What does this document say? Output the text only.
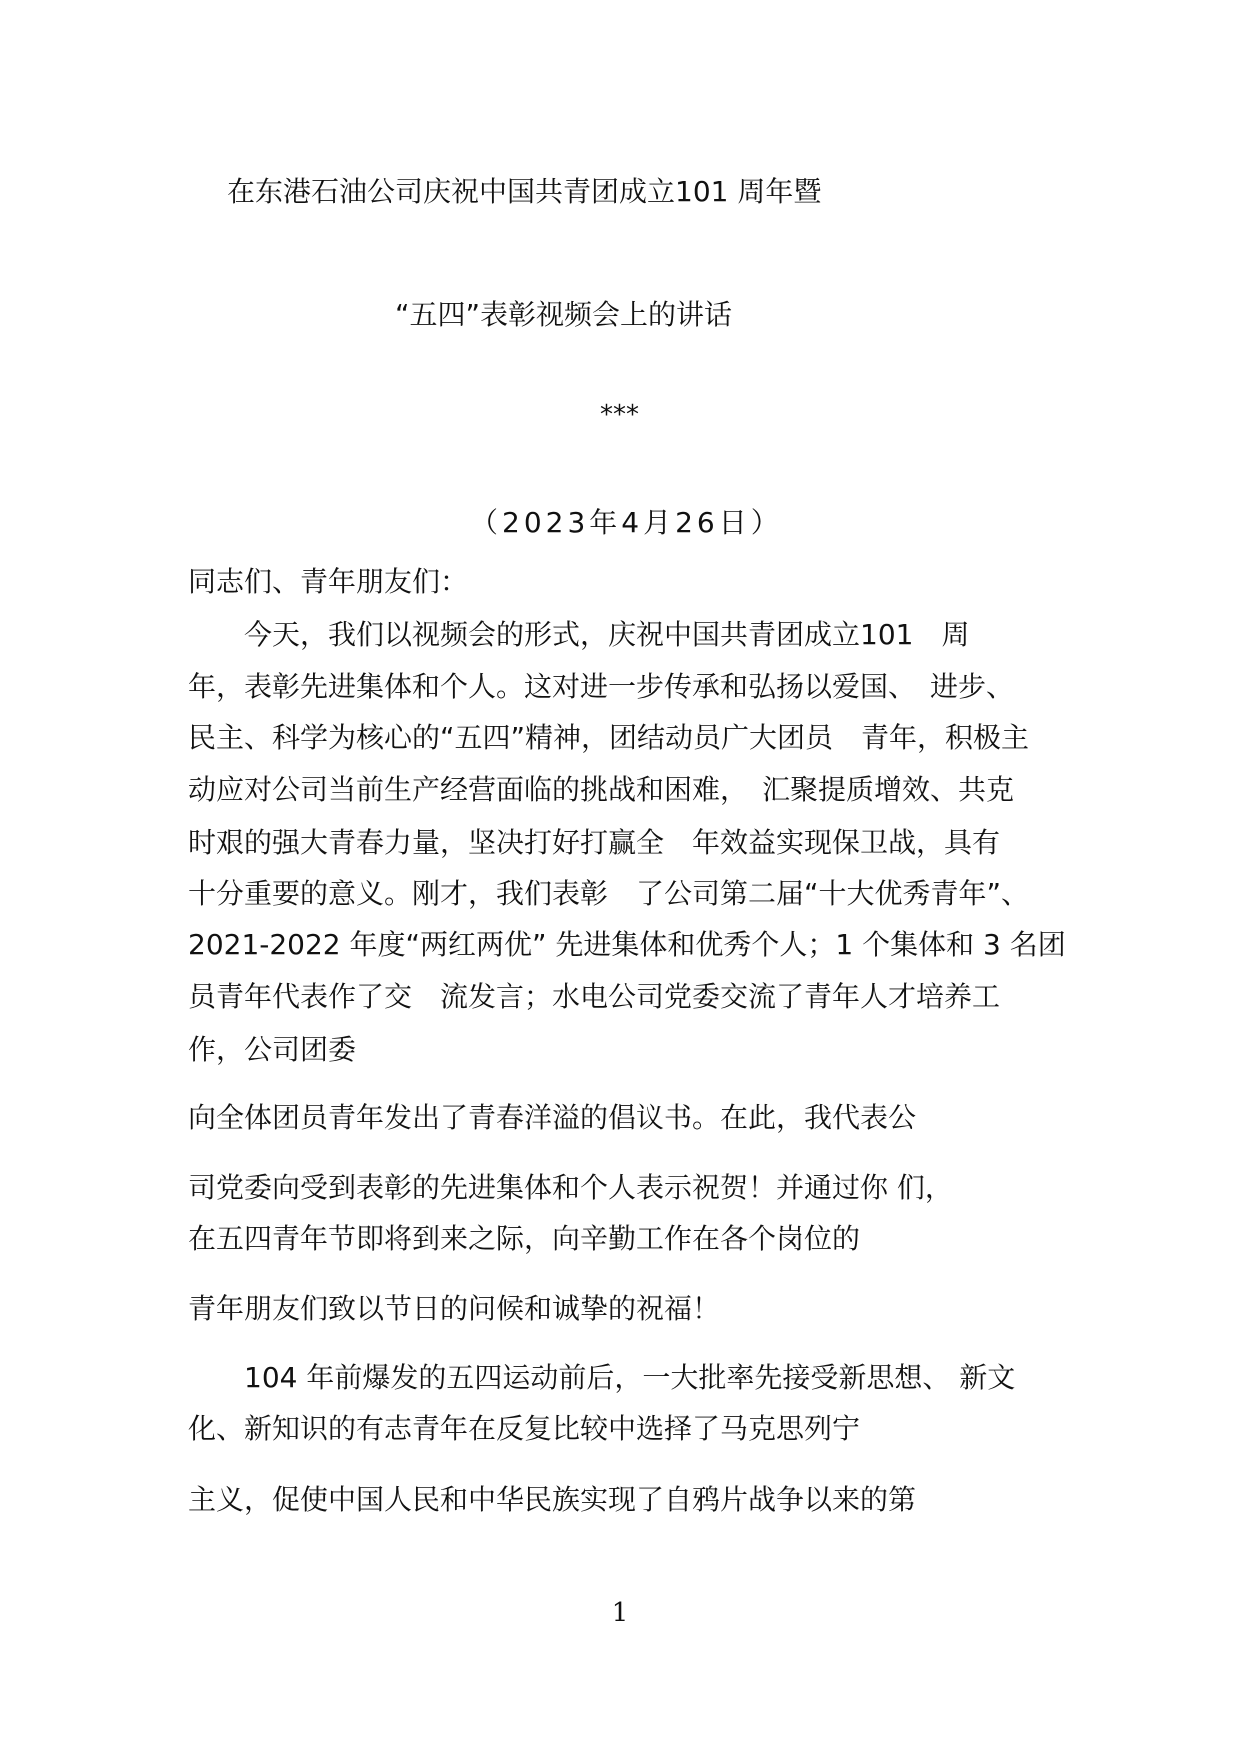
在东港石油公司庆祝中国共青团成立101 周年暨
“五四”表彰视频会上的讲话
***
（2023年4月26日）
同志们、青年朋友们：
　　今天，我们以视频会的形式，庆祝中国共青团成立101　周
年，表彰先进集体和个人。这对进一步传承和弘扬以爱国、　进步、
民主、科学为核心的“五四”精神，团结动员广大团员　青年，积极主
动应对公司当前生产经营面临的挑战和困难，　汇聚提质增效、共克
时艰的强大青春力量，坚决打好打赢全　年效益实现保卫战，具有
十分重要的意义。刚才，我们表彰　了公司第二届“十大优秀青年”、
2021-2022 年度“两红两优” 先进集体和优秀个人；1 个集体和 3 名团
员青年代表作了交　流发言；水电公司党委交流了青年人才培养工
作，公司团委
向全体团员青年发出了青春洋溢的倡议书。在此，我代表公
司党委向受到表彰的先进集体和个人表示祝贺！并通过你 们，
在五四青年节即将到来之际，向辛勤工作在各个岗位的
青年朋友们致以节日的问候和诚挚的祝福！
　　104 年前爆发的五四运动前后，一大批率先接受新思想、 新文
化、新知识的有志青年在反复比较中选择了马克思列宁
主义，促使中国人民和中华民族实现了自鸦片战争以来的第
1
